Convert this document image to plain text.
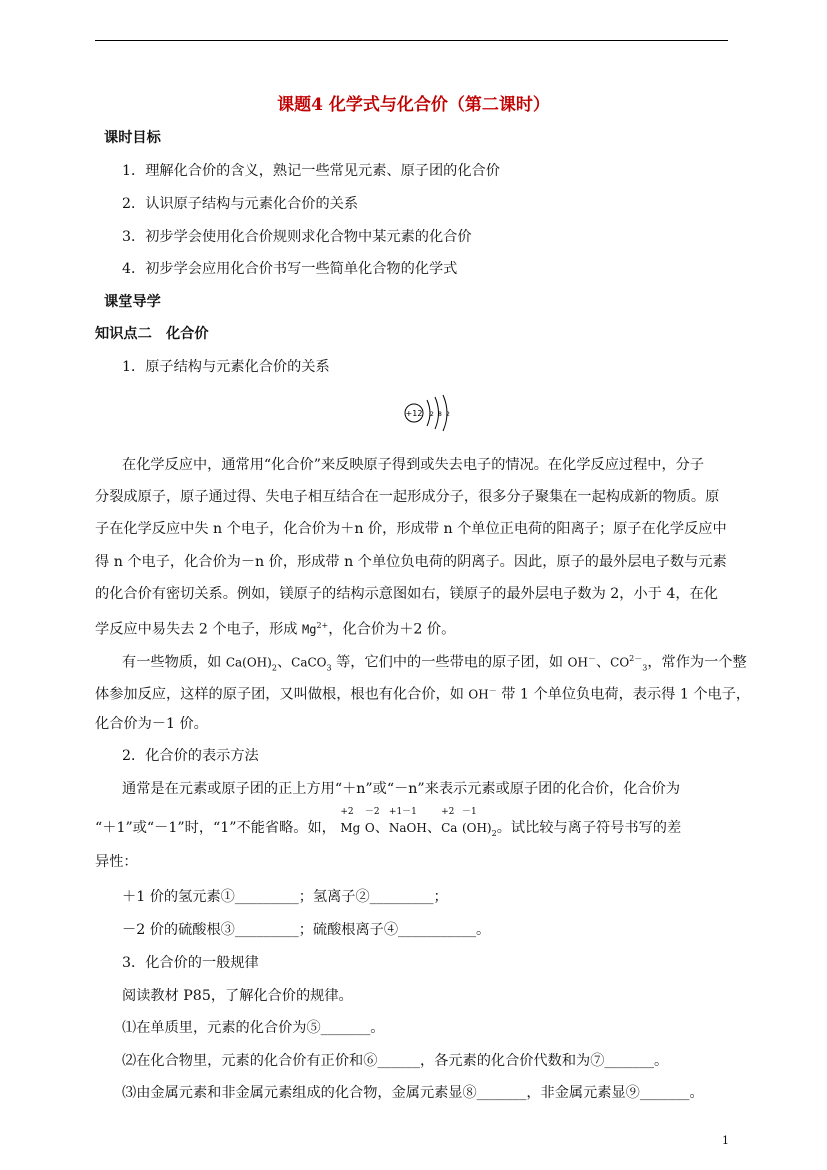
课题4 化学式与化合价（第二课时）
课时目标
1．理解化合价的含义，熟记一些常见元素、原子团的化合价
2．认识原子结构与元素化合价的关系
3．初步学会使用化合价规则求化合物中某元素的化合价
4．初步学会应用化合价书写一些简单化合物的化学式
课堂导学
知识点二　化合价
1．原子结构与元素化合价的关系
+12 2 8 2
在化学反应中，通常用“化合价”来反映原子得到或失去电子的情况。在化学反应过程中，分子
分裂成原子，原子通过得、失电子相互结合在一起形成分子，很多分子聚集在一起构成新的物质。原
子在化学反应中失 n 个电子，化合价为＋n 价，形成带 n 个单位正电荷的阳离子；原子在化学反应中
得 n 个电子，化合价为－n 价，形成带 n 个单位负电荷的阴离子。因此，原子的最外层电子数与元素
的化合价有密切关系。例如，镁原子的结构示意图如右，镁原子的最外层电子数为 2，小于 4，在化
学反应中易失去 2 个电子，形成 $Mg^{2+}$，化合价为＋2 价。
有一些物质，如 $Ca(OH)_2$、CaCO$_3$ 等，它们中的一些带电的原子团，如 OH－、$CO^{2-}_3$，常作为一个整
体参加反应，这样的原子团，又叫做根，根也有化合价，如 OH－ 带 1 个单位负电荷，表示得 1 个电子，
化合价为－1 价。
2．化合价的表示方法
通常是在元素或原子团的正上方用“＋n”或“－n”来表示元素或原子团的化合价，化合价为
“＋1”或“－1”时，“1”不能省略。如，
+2
Mg
－2
O、
+1－1
NaOH、
+2
Ca
－1
$(OH)_2$。试比较与离子符号书写的差
异性：
＋1 价的氢元素①_________；氢离子②_________；
－2 价的硫酸根③_________；硫酸根离子④___________。
3．化合价的一般规律
阅读教材 P85，了解化合价的规律。
⑴在单质里，元素的化合价为⑤_______。
⑵在化合物里，元素的化合价有正价和⑥______，各元素的化合价代数和为⑦_______。
⑶由金属元素和非金属元素组成的化合物，金属元素显⑧_______，非金属元素显⑨_______。
1
